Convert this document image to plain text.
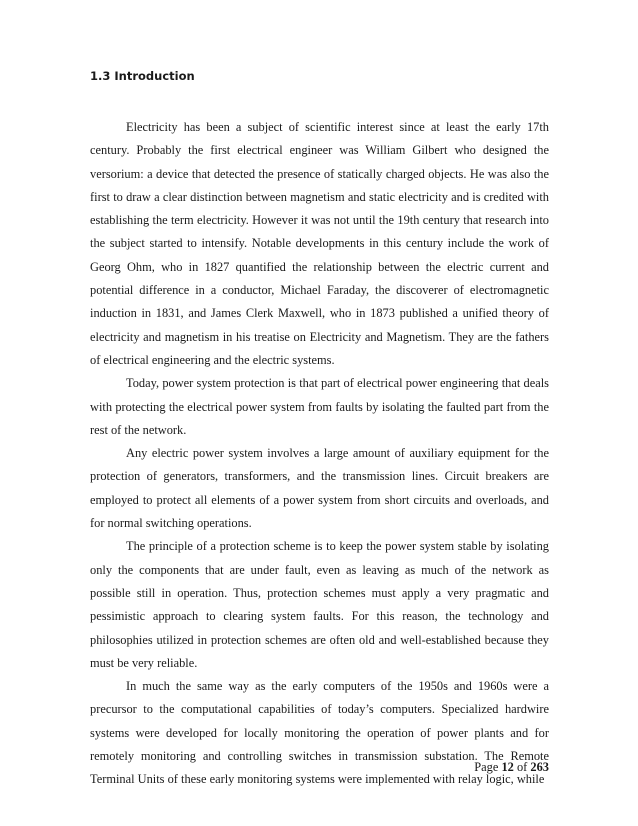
1.3 Introduction

Electricity has been a subject of scientific interest since at least the early 17th century. Probably the first electrical engineer was William Gilbert who designed the versorium: a device that detected the presence of statically charged objects. He was also the first to draw a clear distinction between magnetism and static electricity and is credited with establishing the term electricity. However it was not until the 19th century that research into the subject started to intensify. Notable developments in this century include the work of Georg Ohm, who in 1827 quantified the relationship between the electric current and potential difference in a conductor, Michael Faraday, the discoverer of electromagnetic induction in 1831, and James Clerk Maxwell, who in 1873 published a unified theory of electricity and magnetism in his treatise on Electricity and Magnetism. They are the fathers of electrical engineering and the electric systems.

Today, power system protection is that part of electrical power engineering that deals with protecting the electrical power system from faults by isolating the faulted part from the rest of the network.

Any electric power system involves a large amount of auxiliary equipment for the protection of generators, transformers, and the transmission lines. Circuit breakers are employed to protect all elements of a power system from short circuits and overloads, and for normal switching operations.

The principle of a protection scheme is to keep the power system stable by isolating only the components that are under fault, even as leaving as much of the network as possible still in operation. Thus, protection schemes must apply a very pragmatic and pessimistic approach to clearing system faults. For this reason, the technology and philosophies utilized in protection schemes are often old and well-established because they must be very reliable.

In much the same way as the early computers of the 1950s and 1960s were a precursor to the computational capabilities of today’s computers. Specialized hardwire systems were developed for locally monitoring the operation of power plants and for remotely monitoring and controlling switches in transmission substation. The Remote Terminal Units of these early monitoring systems were implemented with relay logic, while

Page 12 of 263
